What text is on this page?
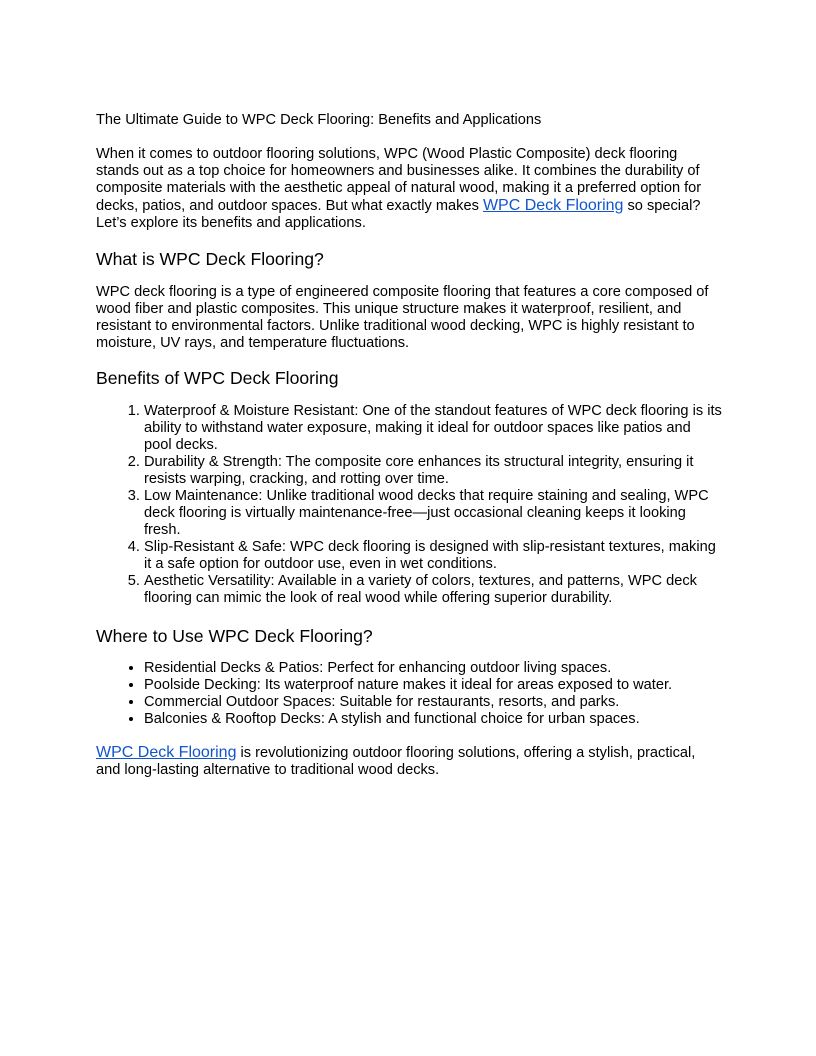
The Ultimate Guide to WPC Deck Flooring: Benefits and Applications

When it comes to outdoor flooring solutions, WPC (Wood Plastic Composite) deck flooring stands out as a top choice for homeowners and businesses alike. It combines the durability of composite materials with the aesthetic appeal of natural wood, making it a preferred option for decks, patios, and outdoor spaces. But what exactly makes WPC Deck Flooring so special? Let’s explore its benefits and applications.

What is WPC Deck Flooring?

WPC deck flooring is a type of engineered composite flooring that features a core composed of wood fiber and plastic composites. This unique structure makes it waterproof, resilient, and resistant to environmental factors. Unlike traditional wood decking, WPC is highly resistant to moisture, UV rays, and temperature fluctuations.

Benefits of WPC Deck Flooring
1. Waterproof & Moisture Resistant: One of the standout features of WPC deck flooring is its ability to withstand water exposure, making it ideal for outdoor spaces like patios and pool decks.
2. Durability & Strength: The composite core enhances its structural integrity, ensuring it resists warping, cracking, and rotting over time.
3. Low Maintenance: Unlike traditional wood decks that require staining and sealing, WPC deck flooring is virtually maintenance-free—just occasional cleaning keeps it looking fresh.
4. Slip-Resistant & Safe: WPC deck flooring is designed with slip-resistant textures, making it a safe option for outdoor use, even in wet conditions.
5. Aesthetic Versatility: Available in a variety of colors, textures, and patterns, WPC deck flooring can mimic the look of real wood while offering superior durability.
Where to Use WPC Deck Flooring?
• Residential Decks & Patios: Perfect for enhancing outdoor living spaces.
• Poolside Decking: Its waterproof nature makes it ideal for areas exposed to water.
• Commercial Outdoor Spaces: Suitable for restaurants, resorts, and parks.
• Balconies & Rooftop Decks: A stylish and functional choice for urban spaces.

WPC Deck Flooring is revolutionizing outdoor flooring solutions, offering a stylish, practical, and long-lasting alternative to traditional wood decks.
